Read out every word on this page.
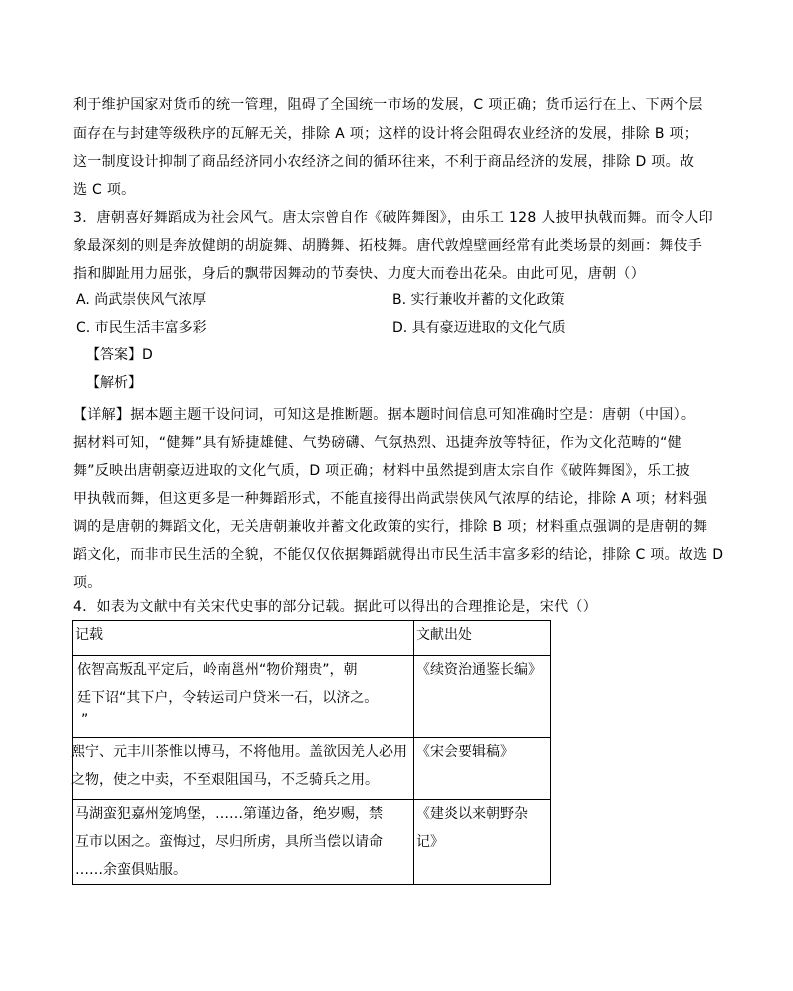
利于维护国家对货币的统一管理，阻碍了全国统一市场的发展，C 项正确；货币运行在上、下两个层
面存在与封建等级秩序的瓦解无关，排除 A 项；这样的设计将会阻碍农业经济的发展，排除 B 项；
这一制度设计抑制了商品经济同小农经济之间的循环往来，不利于商品经济的发展，排除 D 项。故
选 C 项。
3．唐朝喜好舞蹈成为社会风气。唐太宗曾自作《破阵舞图》，由乐工 128 人披甲执戟而舞。而令人印
象最深刻的则是奔放健朗的胡旋舞、胡腾舞、拓枝舞。唐代敦煌壁画经常有此类场景的刻画：舞伎手
指和脚趾用力屈张，身后的飘带因舞动的节奏快、力度大而卷出花朵。由此可见，唐朝（）
A. 尚武崇侠风气浓厚	B. 实行兼收并蓄的文化政策
C. 市民生活丰富多彩	D. 具有豪迈进取的文化气质
【答案】D
【解析】
【详解】据本题主题干设问词，可知这是推断题。据本题时间信息可知准确时空是：唐朝（中国）。
据材料可知，“健舞”具有矫捷雄健、气势磅礴、气氛热烈、迅捷奔放等特征，作为文化范畴的“健
舞”反映出唐朝豪迈进取的文化气质，D 项正确；材料中虽然提到唐太宗自作《破阵舞图》，乐工披
甲执戟而舞，但这更多是一种舞蹈形式，不能直接得出尚武崇侠风气浓厚的结论，排除 A 项；材料强
调的是唐朝的舞蹈文化，无关唐朝兼收并蓄文化政策的实行，排除 B 项；材料重点强调的是唐朝的舞
蹈文化，而非市民生活的全貌，不能仅仅依据舞蹈就得出市民生活丰富多彩的结论，排除 C 项。故选 D
项。
4．如表为文献中有关宋代史事的部分记载。据此可以得出的合理推论是，宋代（）
记载	文献出处

依智高叛乱平定后，岭南邕州“物价翔贵”，朝
廷下诏“其下户，令转运司户贷米一石，以济之。
”	《续资治通鉴长编》

熙宁、元丰川茶惟以博马，不将他用。盖欲因羌人必用
之物，使之中卖，不至艰阻国马，不乏骑兵之用。	《宋会要辑稿》

马湖蛮犯嘉州笼鸠堡，……第谨边备，绝岁赐，禁
互市以困之。蛮悔过，尽归所虏，具所当偿以请命
……余蛮俱贴服。	《建炎以来朝野杂
记》
